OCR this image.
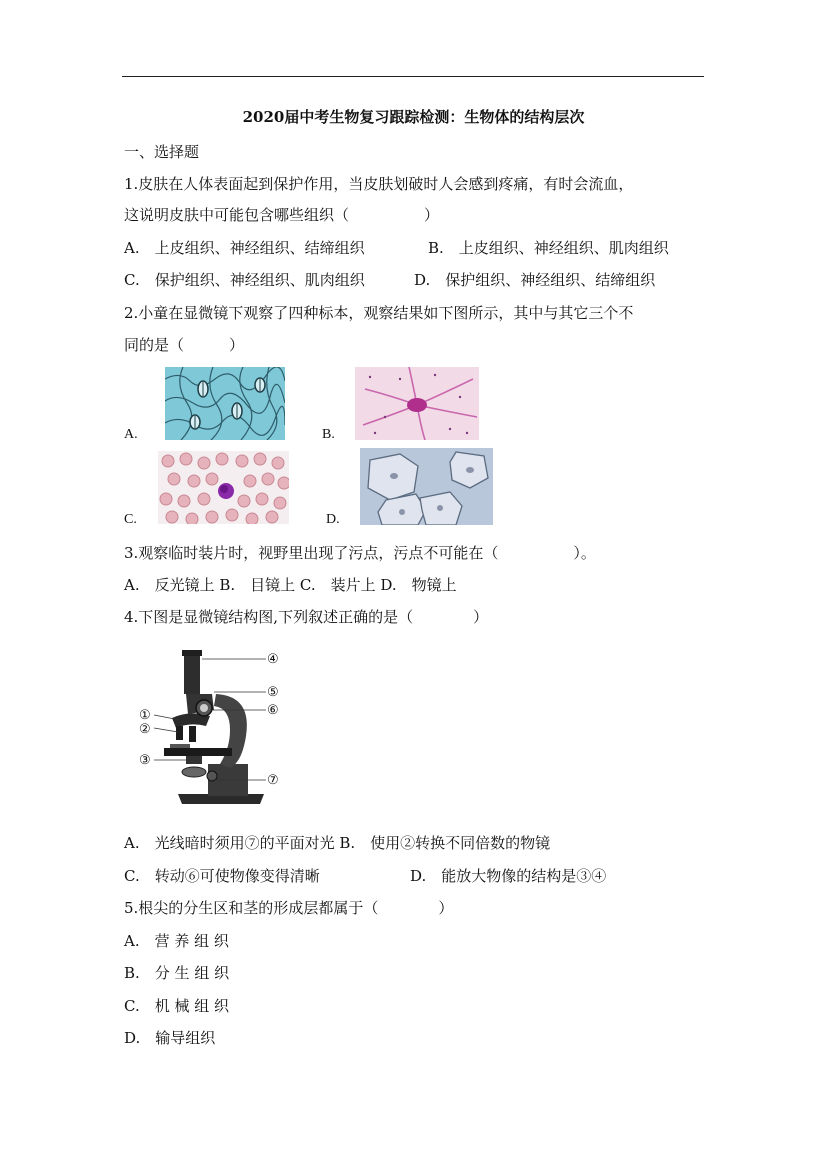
2020届中考生物复习跟踪检测：生物体的结构层次
一、选择题
1.皮肤在人体表面起到保护作用，当皮肤划破时人会感到疼痛，有时会流血，
这说明皮肤中可能包含哪些组织（　　　　　）
A.　上皮组织、神经组织、结缔组织	B.　上皮组织、神经组织、肌肉组织
C.　保护组织、神经组织、肌肉组织	D.　保护组织、神经组织、结缔组织
2.小童在显微镜下观察了四种标本，观察结果如下图所示，其中与其它三个不
同的是（　　　）
A.	B.
C.	D.
3.观察临时装片时，视野里出现了污点，污点不可能在（　　　　　）。
A.　反光镜上 B.　目镜上 C.　装片上 D.　物镜上
4.下图是显微镜结构图,下列叙述正确的是（　　　　）
④
⑤
⑥
①
②
③
⑦
A.　光线暗时须用⑦的平面对光 B.　使用②转换不同倍数的物镜
C.　转动⑥可使物像变得清晰	D.　能放大物像的结构是③④
5.根尖的分生区和茎的形成层都属于（　　　　）
A.　营 养 组 织
B.　分 生 组 织
C.　机 械 组 织
D.　输导组织
